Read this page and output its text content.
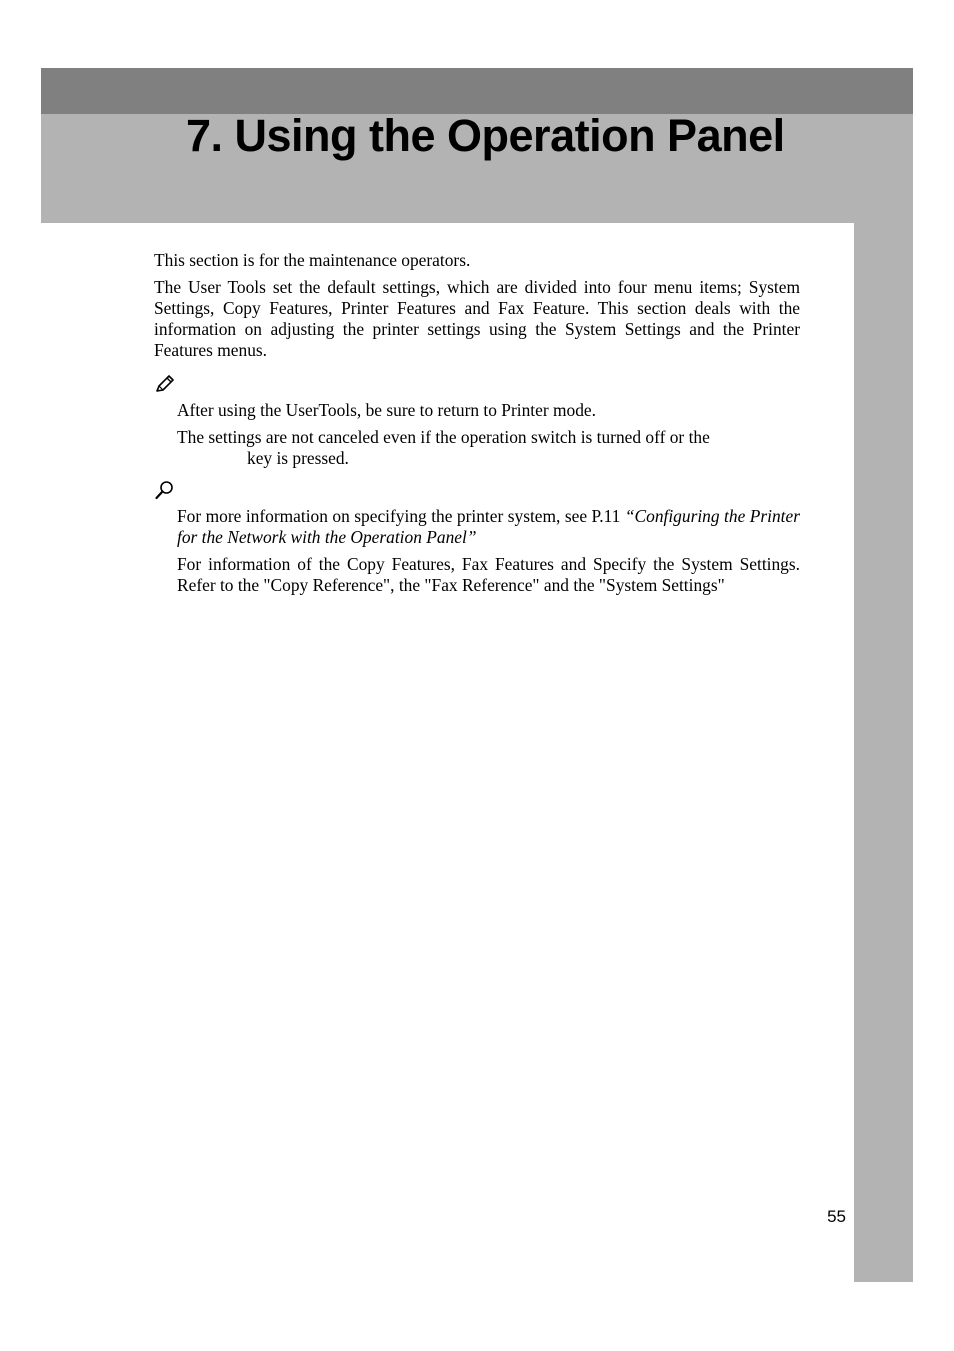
7. Using the Operation Panel

This section is for the maintenance operators.

The User Tools set the default settings, which are divided into four menu items; System Settings, Copy Features, Printer Features and Fax Feature. This section deals with the information on adjusting the printer settings using the System Settings and the Printer Features menus.

After using the UserTools, be sure to return to Printer mode.
The settings are not canceled even if the operation switch is turned off or the
key is pressed.
For more information on specifying the printer system, see P.11 “Configuring the Printer for the Network with the Operation Panel”
For information of the Copy Features, Fax Features and Specify the System Settings. Refer to the "Copy Reference", the "Fax Reference" and the "System Settings"
55
